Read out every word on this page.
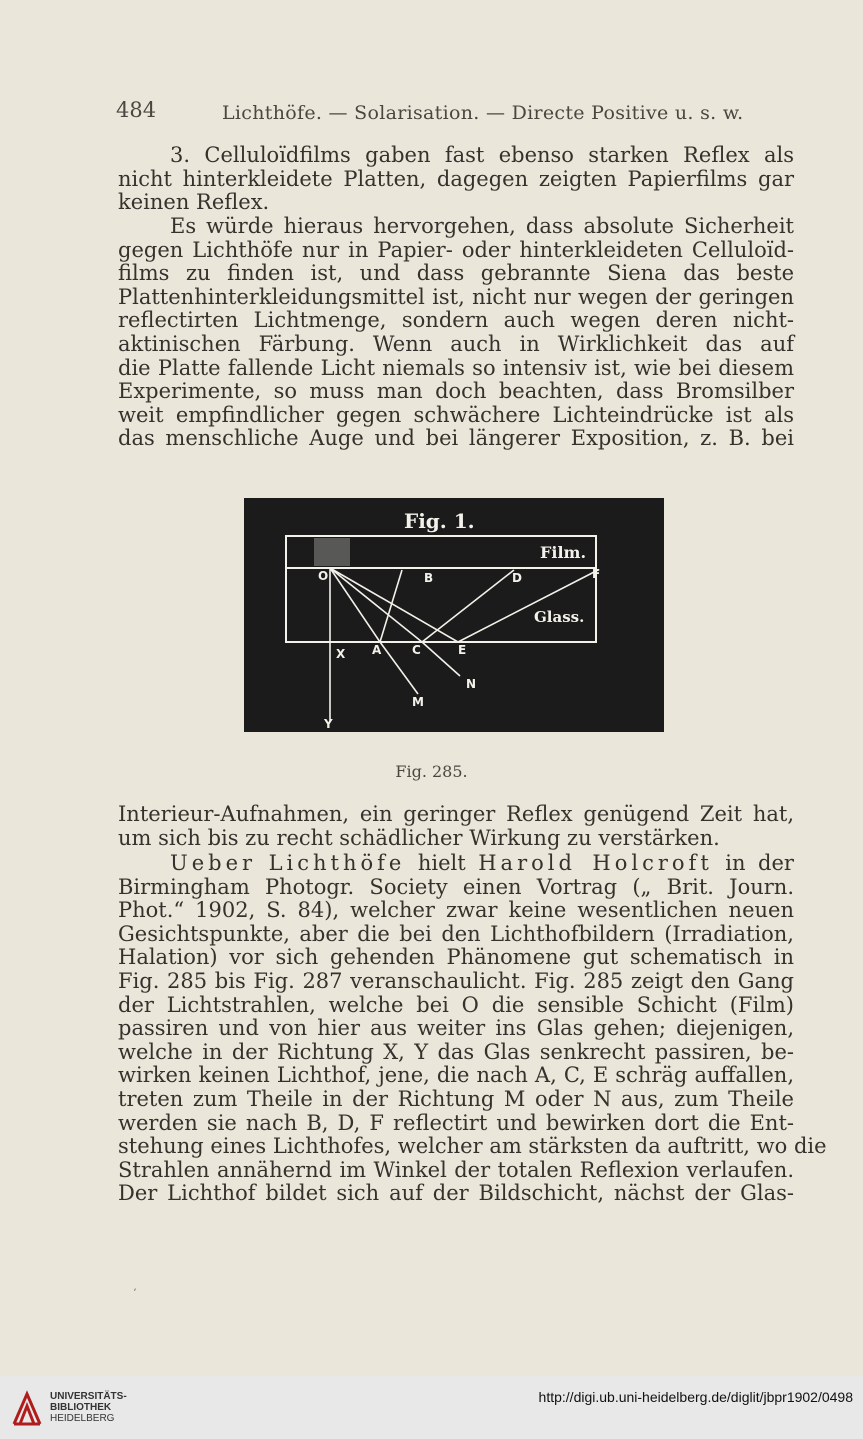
484	Lichthöfe. — Solarisation. — Directe Positive u. s. w.
3. Celluloïdfilms gaben fast ebenso starken Reflex als
nicht hinterkleidete Platten, dagegen zeigten Papierfilms gar
keinen Reflex.
Es würde hieraus hervorgehen, dass absolute Sicherheit
gegen Lichthöfe nur in Papier- oder hinterkleideten Celluloïd-
films zu finden ist, und dass gebrannte Siena das beste
Plattenhinterkleidungsmittel ist, nicht nur wegen der geringen
reflectirten Lichtmenge, sondern auch wegen deren nicht-
aktinischen Färbung. Wenn auch in Wirklichkeit das auf
die Platte fallende Licht niemals so intensiv ist, wie bei diesem
Experimente, so muss man doch beachten, dass Bromsilber
weit empfindlicher gegen schwächere Lichteindrücke ist als
das menschliche Auge und bei längerer Exposition, z. B. bei
Fig. 1.
Film.
Glass.
O	B	D	F
X A	C	E
M
N
Y
Fig. 285.
Interieur-Aufnahmen, ein geringer Reflex genügend Zeit hat,
um sich bis zu recht schädlicher Wirkung zu verstärken.
Ueber Lichthöfe hielt Harold Holcroft in der
Birmingham Photogr. Society einen Vortrag („ Brit. Journ.
Phot.“ 1902, S. 84), welcher zwar keine wesentlichen neuen
Gesichtspunkte, aber die bei den Lichthofbildern (Irradiation,
Halation) vor sich gehenden Phänomene gut schematisch in
Fig. 285 bis Fig. 287 veranschaulicht. Fig. 285 zeigt den Gang
der Lichtstrahlen, welche bei O die sensible Schicht (Film)
passiren und von hier aus weiter ins Glas gehen; diejenigen,
welche in der Richtung X, Y das Glas senkrecht passiren, be-
wirken keinen Lichthof, jene, die nach A, C, E schräg auffallen,
treten zum Theile in der Richtung M oder N aus, zum Theile
werden sie nach B, D, F reflectirt und bewirken dort die Ent-
stehung eines Lichthofes, welcher am stärksten da auftritt, wo die
Strahlen annähernd im Winkel der totalen Reflexion verlaufen.
Der Lichthof bildet sich auf der Bildschicht, nächst der Glas-
ʼ
UNIVERSITÄTS-
BIBLIOTHEK
HEIDELBERG
http://digi.ub.uni-heidelberg.de/diglit/jbpr1902/0498
